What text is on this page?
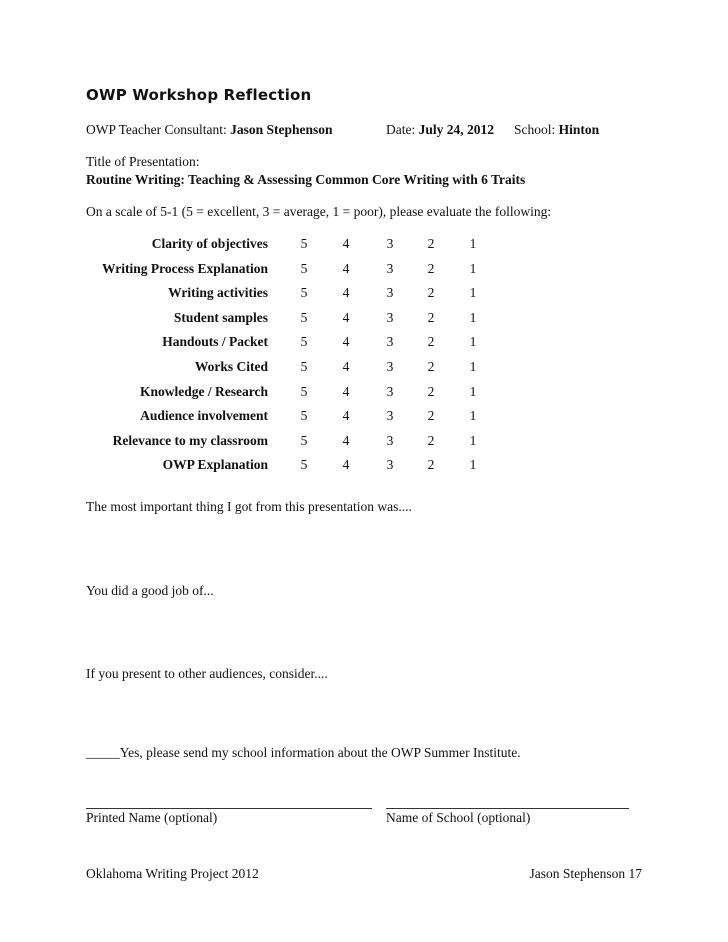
OWP Workshop Reflection
OWP Teacher Consultant: Jason Stephenson	Date: July 24, 2012 School: Hinton
Title of Presentation:
Routine Writing: Teaching & Assessing Common Core Writing with 6 Traits
On a scale of 5-1 (5 = excellent, 3 = average, 1 = poor), please evaluate the following:
Clarity of objectives	5	4	3	2	1
Writing Process Explanation	5	4	3	2	1
Writing activities	5	4	3	2	1
Student samples	5	4	3	2	1
Handouts / Packet	5	4	3	2	1
Works Cited	5	4	3	2	1
Knowledge / Research	5	4	3	2	1
Audience involvement	5	4	3	2	1
Relevance to my classroom	5	4	3	2	1
OWP Explanation	5	4	3	2	1
The most important thing I got from this presentation was....
You did a good job of...
If you present to other audiences, consider....
_____Yes, please send my school information about the OWP Summer Institute.
Printed Name (optional)	Name of School (optional)
Oklahoma Writing Project 2012	Jason Stephenson 17
